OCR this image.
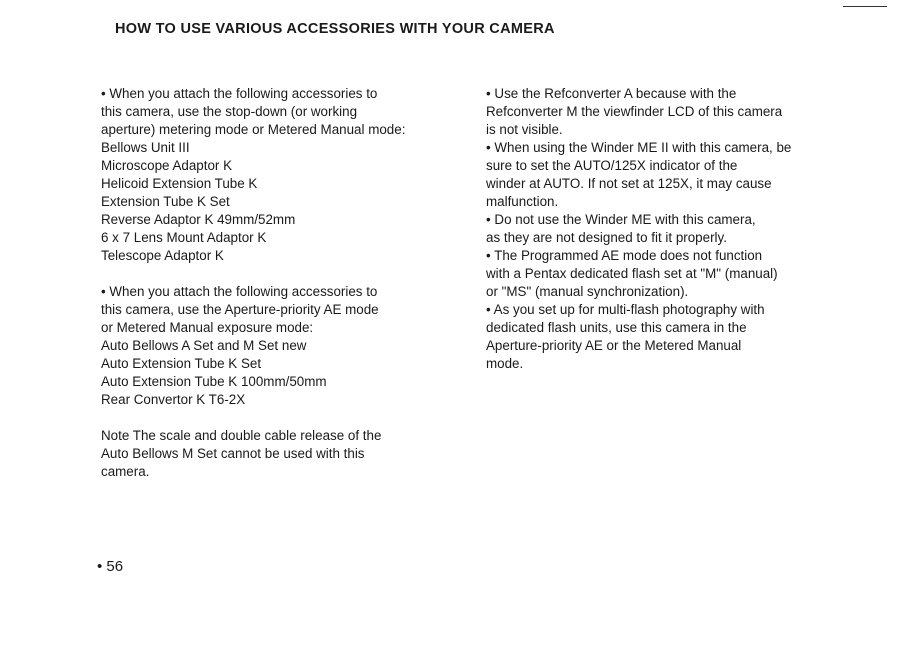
HOW TO USE VARIOUS ACCESSORIES WITH YOUR CAMERA
• When you attach the following accessories to
this camera, use the stop-down (or working
aperture) metering mode or Metered Manual mode:
Bellows Unit III
Microscope Adaptor K
Helicoid Extension Tube K
Extension Tube K Set
Reverse Adaptor K 49mm/52mm
6 x 7 Lens Mount Adaptor K
Telescope Adaptor K
• When you attach the following accessories to
this camera, use the Aperture-priority AE mode
or Metered Manual exposure mode:
Auto Bellows A Set and M Set new
Auto Extension Tube K Set
Auto Extension Tube K 100mm/50mm
Rear Convertor K T6-2X
Note The scale and double cable release of the
Auto Bellows M Set cannot be used with this
camera.
• Use the Refconverter A because with the
Refconverter M the viewfinder LCD of this camera
is not visible.
• When using the Winder ME II with this camera, be
sure to set the AUTO/125X indicator of the
winder at AUTO. If not set at 125X, it may cause
malfunction.
• Do not use the Winder ME with this camera,
as they are not designed to fit it properly.
• The Programmed AE mode does not function
with a Pentax dedicated flash set at "M" (manual)
or "MS" (manual synchronization).
• As you set up for multi-flash photography with
dedicated flash units, use this camera in the
Aperture-priority AE or the Metered Manual
mode.
• 56
